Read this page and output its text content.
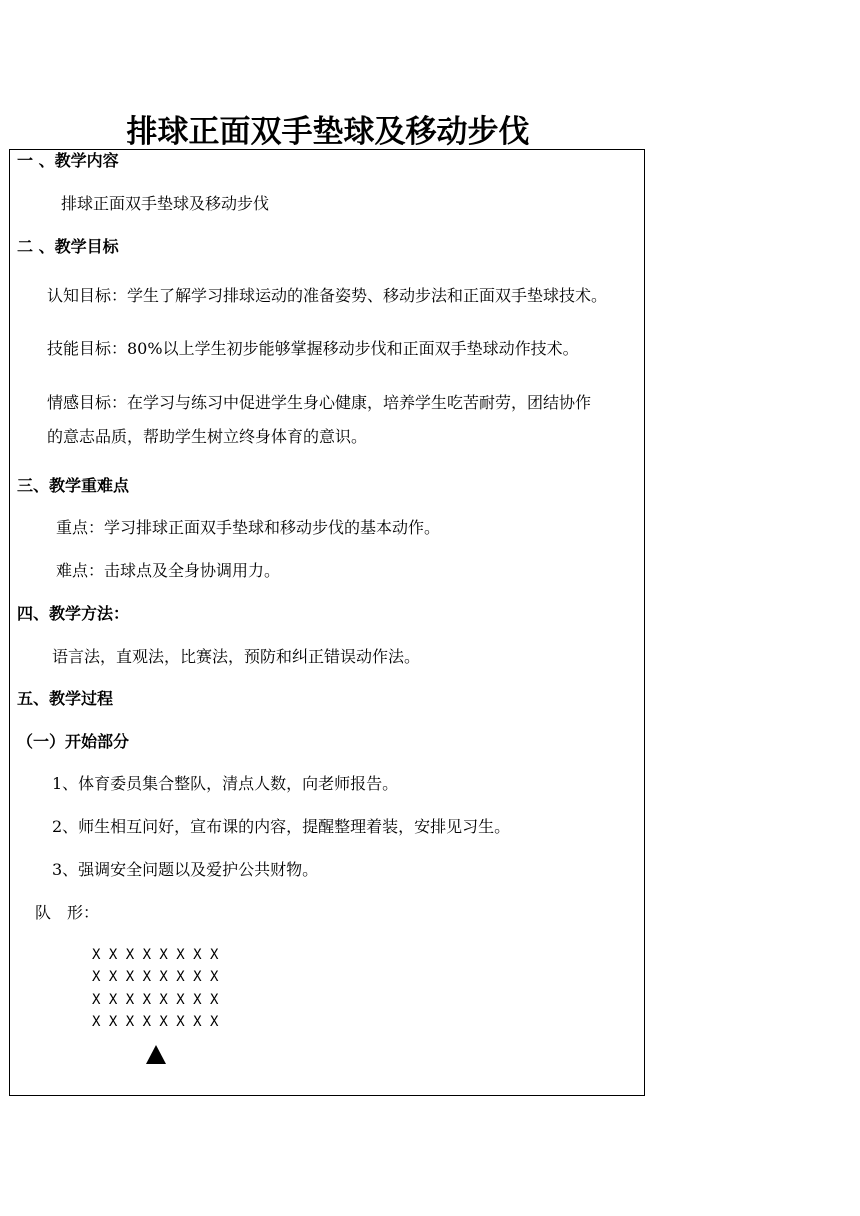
排球正面双手垫球及移动步伐
一 、教学内容
排球正面双手垫球及移动步伐
二 、教学目标
认知目标：学生了解学习排球运动的准备姿势、移动步法和正面双手垫球技术。
技能目标：80%以上学生初步能够掌握移动步伐和正面双手垫球动作技术。
情感目标：在学习与练习中促进学生身心健康，培养学生吃苦耐劳，团结协作
的意志品质，帮助学生树立终身体育的意识。
三、教学重难点
重点：学习排球正面双手垫球和移动步伐的基本动作。
难点：击球点及全身协调用力。
四、教学方法：
语言法，直观法，比赛法，预防和纠正错误动作法。
五、教学过程
（一）开始部分
1、体育委员集合整队，清点人数，向老师报告。
2、师生相互问好，宣布课的内容，提醒整理着装，安排见习生。
3、强调安全问题以及爱护公共财物。
队　形：
X X X X X X X X
X X X X X X X X
X X X X X X X X
X X X X X X X X
